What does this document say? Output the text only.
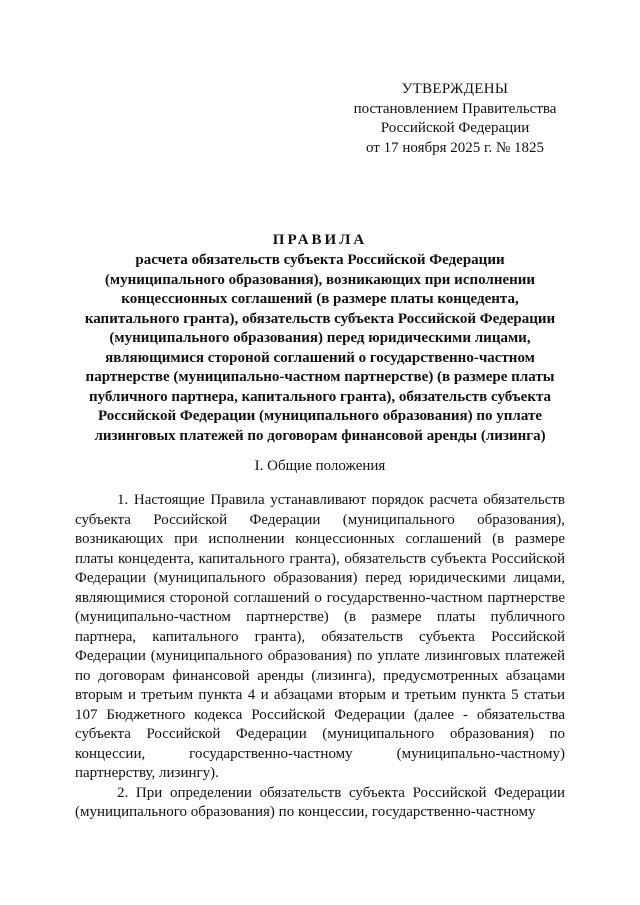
УТВЕРЖДЕНЫ
постановлением Правительства
Российской Федерации
от 17 ноября 2025 г. № 1825
ПРАВИЛА
расчета обязательств субъекта Российской Федерации (муниципального образования), возникающих при исполнении концессионных соглашений (в размере платы концедента, капитального гранта), обязательств субъекта Российской Федерации (муниципального образования) перед юридическими лицами, являющимися стороной соглашений о государственно-частном партнерстве (муниципально-частном партнерстве) (в размере платы публичного партнера, капитального гранта), обязательств субъекта Российской Федерации (муниципального образования) по уплате лизинговых платежей по договорам финансовой аренды (лизинга)
I. Общие положения

1. Настоящие Правила устанавливают порядок расчета обязательств субъекта Российской Федерации (муниципального образования), возникающих при исполнении концессионных соглашений (в размере платы концедента, капитального гранта), обязательств субъекта Российской Федерации (муниципального образования) перед юридическими лицами, являющимися стороной соглашений о государственно-частном партнерстве (муниципально-частном партнерстве) (в размере платы публичного партнера, капитального гранта), обязательств субъекта Российской Федерации (муниципального образования) по уплате лизинговых платежей по договорам финансовой аренды (лизинга), предусмотренных абзацами вторым и третьим пункта 4 и абзацами вторым и третьим пункта 5 статьи 107 Бюджетного кодекса Российской Федерации (далее - обязательства субъекта Российской Федерации (муниципального образования) по концессии, государственно-частному (муниципально-частному) партнерству, лизингу).

2. При определении обязательств субъекта Российской Федерации (муниципального образования) по концессии, государственно-частному
